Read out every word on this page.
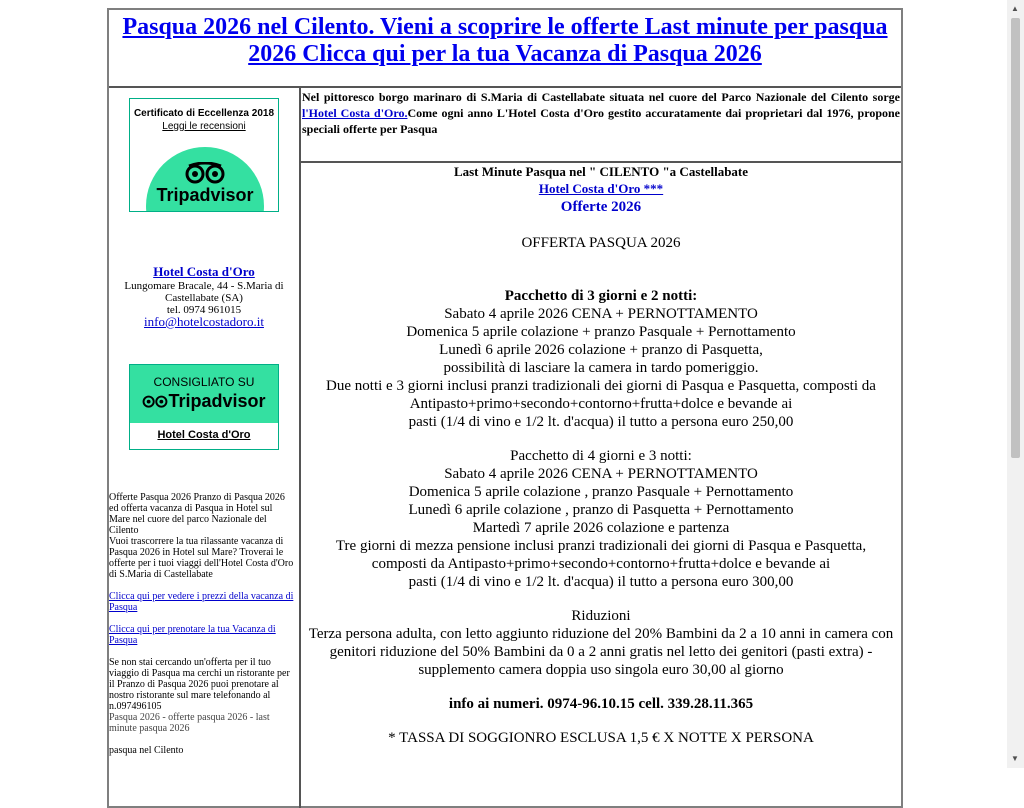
Pasqua 2026 nel Cilento. Vieni a scoprire le offerte Last minute per pasqua 2026 Clicca qui per la tua Vacanza di Pasqua 2026
Tripadvisor
Certificato di Eccellenza 2018
Leggi le recensioni
Hotel Costa d'Oro
Lungomare Bracale, 44 - S.Maria di Castellabate (SA)
tel. 0974 961015
info@hotelcostadoro.it
CONSIGLIATO SU
Tripadvisor
Hotel Costa d'Oro
Offerte Pasqua 2026 Pranzo di Pasqua 2026 ed offerta vacanza di Pasqua in Hotel sul Mare nel cuore del parco Nazionale del Cilento

Vuoi trascorrere la tua rilassante vacanza di Pasqua 2026 in Hotel sul Mare? Troverai le offerte per i tuoi viaggi dell'Hotel Costa d'Oro di S.Maria di Castellabate

Clicca qui per vedere i prezzi della vacanza di Pasqua

Clicca qui per prenotare la tua Vacanza di Pasqua

Se non stai cercando un'offerta per il tuo viaggio di Pasqua ma cerchi un ristorante per il Pranzo di Pasqua 2026 puoi prenotare al nostro ristorante sul mare telefonando al n.097496105

Pasqua 2026 - offerte pasqua 2026 - last minute pasqua 2026

pasqua nel Cilento
Nel pittoresco borgo marinaro di S.Maria di Castellabate situata nel cuore del Parco Nazionale del Cilento sorge l'Hotel Costa d'Oro.Come ogni anno L'Hotel Costa d'Oro gestito accuratamente dai proprietari dal 1976, propone speciali offerte per Pasqua
Last Minute Pasqua nel " CILENTO "a Castellabate
Hotel Costa d'Oro ***
Offerte 2026
OFFERTA PASQUA 2026
Pacchetto di 3 giorni e 2 notti:
Sabato 4 aprile 2026 CENA + PERNOTTAMENTO
Domenica 5 aprile colazione + pranzo Pasquale + Pernottamento
Lunedì 6 aprile 2026 colazione + pranzo di Pasquetta,
possibilità di lasciare la camera in tardo pomeriggio.
Due notti e 3 giorni inclusi pranzi tradizionali dei giorni di Pasqua e Pasquetta, composti da
Antipasto+primo+secondo+contorno+frutta+dolce e bevande ai
pasti (1/4 di vino e 1/2 lt. d'acqua) il tutto a persona euro 250,00
Pacchetto di 4 giorni e 3 notti:
Sabato 4 aprile 2026 CENA + PERNOTTAMENTO
Domenica 5 aprile colazione , pranzo Pasquale + Pernottamento
Lunedì 6 aprile colazione , pranzo di Pasquetta + Pernottamento
Martedì 7 aprile 2026 colazione e partenza
Tre giorni di mezza pensione inclusi pranzi tradizionali dei giorni di Pasqua e Pasquetta,
composti da Antipasto+primo+secondo+contorno+frutta+dolce e bevande ai
pasti (1/4 di vino e 1/2 lt. d'acqua) il tutto a persona euro 300,00
Riduzioni
Terza persona adulta, con letto aggiunto riduzione del 20% Bambini da 2 a 10 anni in camera con genitori riduzione del 50% Bambini da 0 a 2 anni gratis nel letto dei genitori (pasti extra) - supplemento camera doppia uso singola euro 30,00 al giorno
info ai numeri. 0974-96.10.15 cell. 339.28.11.365
* TASSA DI SOGGIONRO ESCLUSA 1,5 € X NOTTE X PERSONA
▲
▼
